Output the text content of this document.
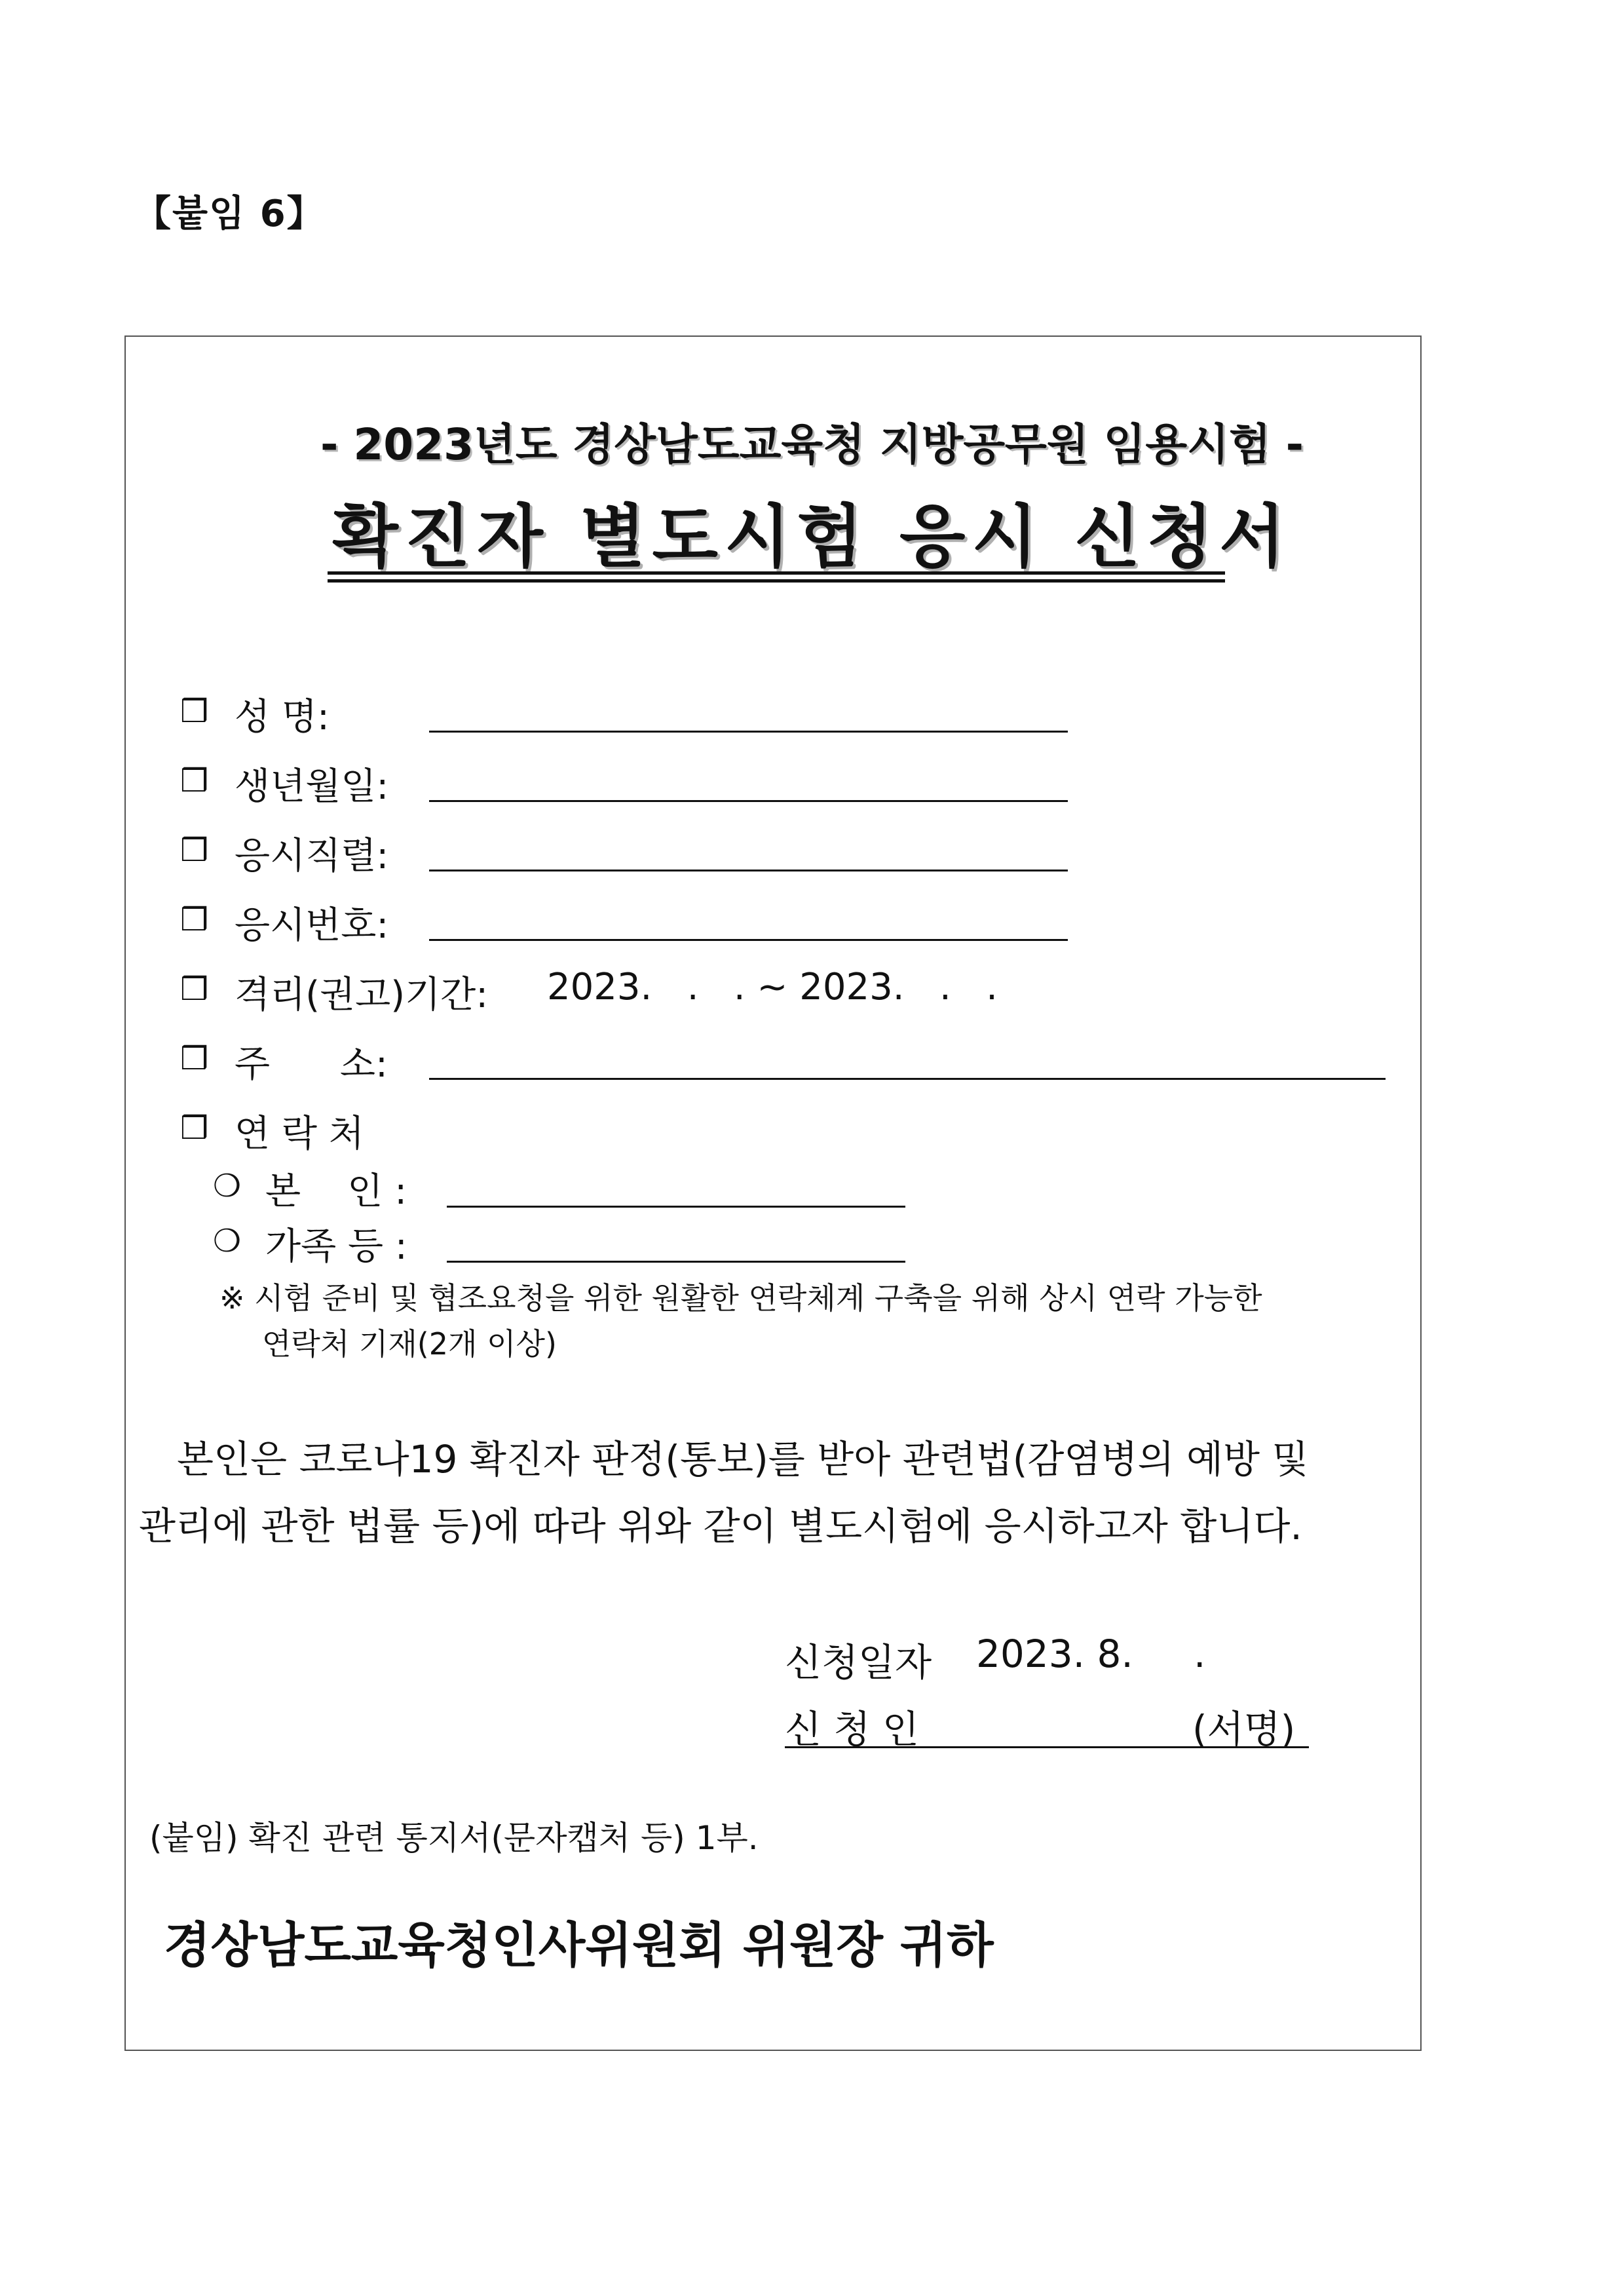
【붙임 6】
- 2023년도 경상남도교육청 지방공무원 임용시험 -
확진자 별도시험 응시 신청서
❒ 성 명:
❒ 생년월일:
❒ 응시직렬:
❒ 응시번호:
❒ 격리(권고)기간: 2023.   .   . ~ 2023.   .   .
❒ 주      소:
❒ 연 락 처
❍ 본    인 :
❍ 가족 등 :
※ 시험 준비 및 협조요청을 위한 원활한 연락체계 구축을 위해 상시 연락 가능한
연락처 기재(2개 이상)
본인은 코로나19 확진자 판정(통보)를 받아 관련법(감염병의 예방 및
관리에 관한 법률 등)에 따라 위와 같이 별도시험에 응시하고자 합니다.
신청일자 2023. 8.     .
신 청 인	(서명)
(붙임) 확진 관련 통지서(문자캡처 등) 1부.
경상남도교육청인사위원회 위원장 귀하
